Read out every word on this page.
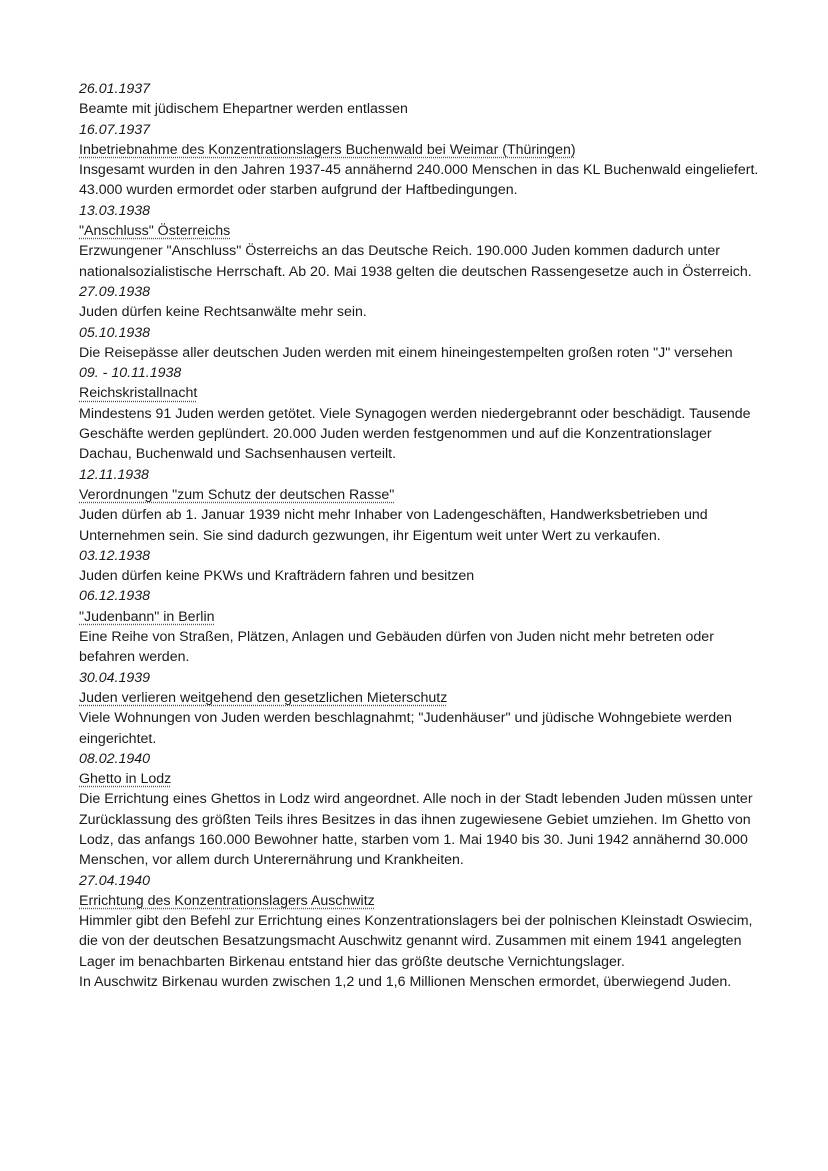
26.01.1937
Beamte mit jüdischem Ehepartner werden entlassen
16.07.1937
Inbetriebnahme des Konzentrationslagers Buchenwald bei Weimar (Thüringen)
Insgesamt wurden in den Jahren 1937-45 annähernd 240.000 Menschen in das KL Buchenwald eingeliefert. 43.000 wurden ermordet oder starben aufgrund der Haftbedingungen.
13.03.1938
"Anschluss" Österreichs
Erzwungener "Anschluss" Österreichs an das Deutsche Reich. 190.000 Juden kommen dadurch unter nationalsozialistische Herrschaft. Ab 20. Mai 1938 gelten die deutschen Rassengesetze auch in Österreich.
27.09.1938
Juden dürfen keine Rechtsanwälte mehr sein.
05.10.1938
Die Reisepässe aller deutschen Juden werden mit einem hineingestempelten großen roten "J" versehen
09. - 10.11.1938
Reichskristallnacht
Mindestens 91 Juden werden getötet. Viele Synagogen werden niedergebrannt oder beschädigt. Tausende Geschäfte werden geplündert. 20.000 Juden werden festgenommen und auf die Konzentrationslager Dachau, Buchenwald und Sachsenhausen verteilt.
12.11.1938
Verordnungen "zum Schutz der deutschen Rasse"
Juden dürfen ab 1. Januar 1939 nicht mehr Inhaber von Ladengeschäften, Handwerksbetrieben und Unternehmen sein. Sie sind dadurch gezwungen, ihr Eigentum weit unter Wert zu verkaufen.
03.12.1938
Juden dürfen keine PKWs und Krafträdern fahren und besitzen
06.12.1938
"Judenbann" in Berlin
Eine Reihe von Straßen, Plätzen, Anlagen und Gebäuden dürfen von Juden nicht mehr betreten oder befahren werden.
30.04.1939
Juden verlieren weitgehend den gesetzlichen Mieterschutz
Viele Wohnungen von Juden werden beschlagnahmt; "Judenhäuser" und jüdische Wohngebiete werden eingerichtet.
08.02.1940
Ghetto in Lodz
Die Errichtung eines Ghettos in Lodz wird angeordnet. Alle noch in der Stadt lebenden Juden müssen unter Zurücklassung des größten Teils ihres Besitzes in das ihnen zugewiesene Gebiet umziehen. Im Ghetto von Lodz, das anfangs 160.000 Bewohner hatte, starben vom 1. Mai 1940 bis 30. Juni 1942 annähernd 30.000 Menschen, vor allem durch Unterernährung und Krankheiten.
27.04.1940
Errichtung des Konzentrationslagers Auschwitz
Himmler gibt den Befehl zur Errichtung eines Konzentrationslagers bei der polnischen Kleinstadt Oswiecim, die von der deutschen Besatzungsmacht Auschwitz genannt wird. Zusammen mit einem 1941 angelegten Lager im benachbarten Birkenau entstand hier das größte deutsche Vernichtungslager.
In Auschwitz Birkenau wurden zwischen 1,2 und 1,6 Millionen Menschen ermordet, überwiegend Juden.
